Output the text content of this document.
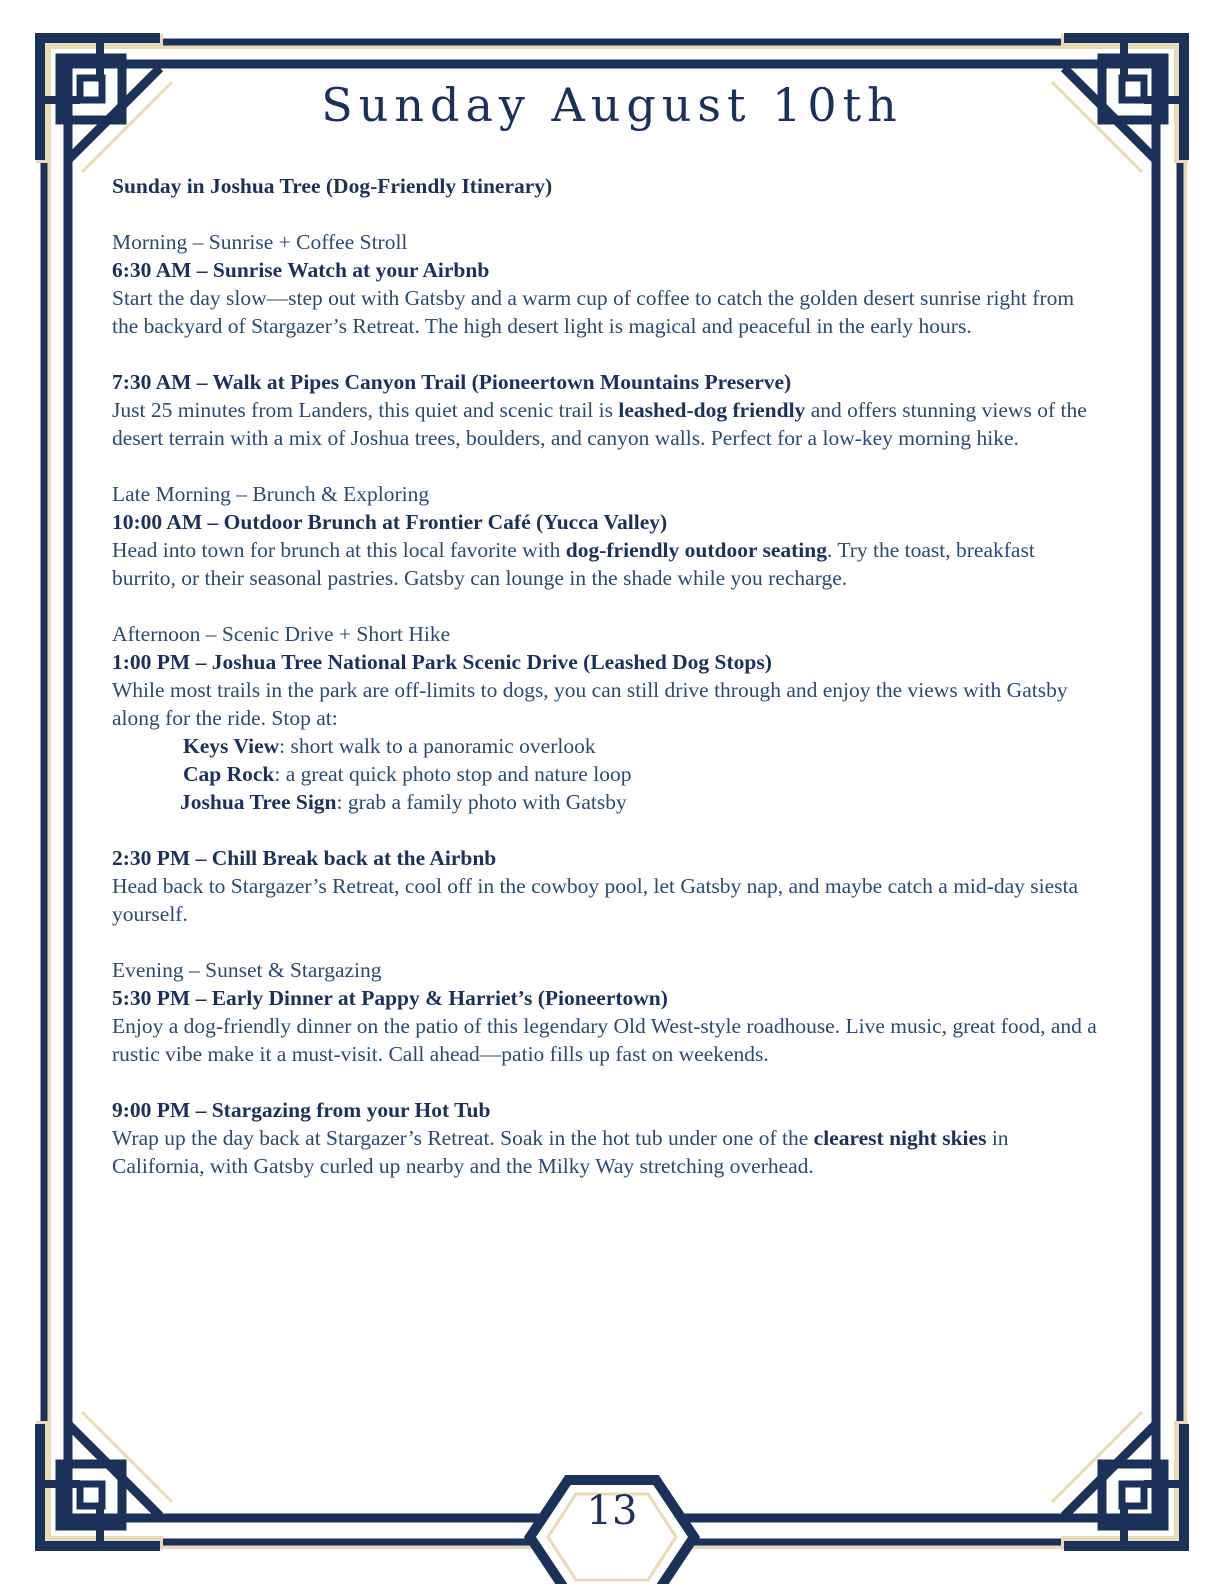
Sunday August 10th

Sunday in Joshua Tree (Dog-Friendly Itinerary)

Morning – Sunrise + Coffee Stroll

6:30 AM – Sunrise Watch at your Airbnb

Start the day slow—step out with Gatsby and a warm cup of coffee to catch the golden desert sunrise right from the backyard of Stargazer’s Retreat. The high desert light is magical and peaceful in the early hours.

7:30 AM – Walk at Pipes Canyon Trail (Pioneertown Mountains Preserve)

Just 25 minutes from Landers, this quiet and scenic trail is leashed-dog friendly and offers stunning views of the desert terrain with a mix of Joshua trees, boulders, and canyon walls. Perfect for a low-key morning hike.

Late Morning – Brunch & Exploring

10:00 AM – Outdoor Brunch at Frontier Café (Yucca Valley)

Head into town for brunch at this local favorite with dog-friendly outdoor seating. Try the toast, breakfast burrito, or their seasonal pastries. Gatsby can lounge in the shade while you recharge.

Afternoon – Scenic Drive + Short Hike

1:00 PM – Joshua Tree National Park Scenic Drive (Leashed Dog Stops)

While most trails in the park are off-limits to dogs, you can still drive through and enjoy the views with Gatsby along for the ride. Stop at:

Keys View: short walk to a panoramic overlook

Cap Rock: a great quick photo stop and nature loop

Joshua Tree Sign: grab a family photo with Gatsby

2:30 PM – Chill Break back at the Airbnb

Head back to Stargazer’s Retreat, cool off in the cowboy pool, let Gatsby nap, and maybe catch a mid-day siesta yourself.

Evening – Sunset & Stargazing

5:30 PM – Early Dinner at Pappy & Harriet’s (Pioneertown)

Enjoy a dog-friendly dinner on the patio of this legendary Old West-style roadhouse. Live music, great food, and a rustic vibe make it a must-visit. Call ahead—patio fills up fast on weekends.

9:00 PM – Stargazing from your Hot Tub

Wrap up the day back at Stargazer’s Retreat. Soak in the hot tub under one of the clearest night skies in California, with Gatsby curled up nearby and the Milky Way stretching overhead.

13
